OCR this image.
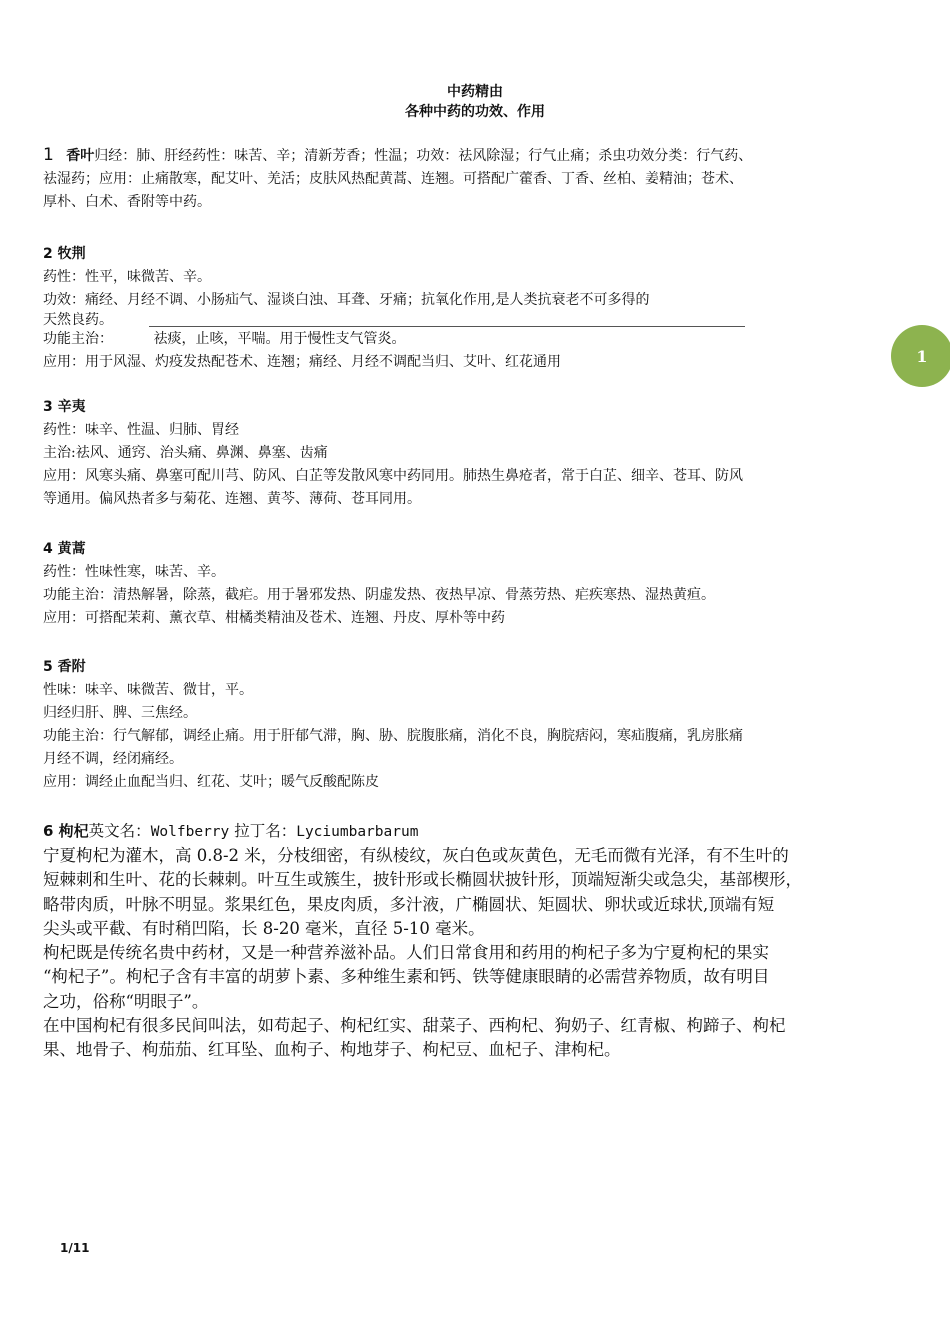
中药精由
各种中药的功效、作用
1 香叶归经：肺、肝经药性：味苦、辛；清新芳香；性温；功效：祛风除湿；行气止痛；杀虫功效分类：行气药、
祛湿药；应用：止痛散寒，配艾叶、羌活；皮肤风热配黄蒿、连翘。可搭配广藿香、丁香、丝柏、姜精油；苍术、
厚朴、白术、香附等中药。
2 牧荆
药性：性平，味微苦、辛。
功效：痛经、月经不调、小肠疝气、湿谈白浊、耳聋、牙痛；抗氧化作用,是人类抗衰老不可多得的
天然良药。
功能主治：	祛痰，止咳，平喘。用于慢性支气管炎。
应用：用于风湿、灼疫发热配苍术、连翘；痛经、月经不调配当归、艾叶、红花通用
3 辛夷
药性：味辛、性温、归肺、胃经
主治:祛风、通窍、治头痛、鼻渊、鼻塞、齿痛
应用：风寒头痛、鼻塞可配川芎、防风、白芷等发散风寒中药同用。肺热生鼻疮者，常于白芷、细辛、苍耳、防风
等通用。偏风热者多与菊花、连翘、黄芩、薄荷、苍耳同用。
4 黄蒿
药性：性味性寒，味苦、辛。
功能主治：清热解暑，除蒸，截疟。用于暑邪发热、阴虚发热、夜热早凉、骨蒸劳热、疟疾寒热、湿热黄疸。
应用：可搭配茉莉、薰衣草、柑橘类精油及苍术、连翘、丹皮、厚朴等中药
5 香附
性味：味辛、味微苦、微甘，平。
归经归肝、脾、三焦经。
功能主治：行气解郁，调经止痛。用于肝郁气滞，胸、胁、脘腹胀痛，消化不良，胸脘痞闷，寒疝腹痛，乳房胀痛
月经不调，经闭痛经。
应用：调经止血配当归、红花、艾叶；暖气反酸配陈皮
6 枸杞英文名：Wolfberry 拉丁名：Lyciumbarbarum
宁夏枸杞为灌木，高 0.8-2 米，分枝细密，有纵棱纹，灰白色或灰黄色，无毛而微有光泽，有不生叶的
短棘刺和生叶、花的长棘刺。叶互生或簇生，披针形或长椭圆状披针形，顶端短渐尖或急尖，基部楔形，
略带肉质，叶脉不明显。浆果红色，果皮肉质，多汁液，广椭圆状、矩圆状、卵状或近球状,顶端有短
尖头或平截、有时稍凹陷，长 8-20 毫米，直径 5-10 毫米。
枸杞既是传统名贵中药材，又是一种营养滋补品。人们日常食用和药用的枸杞子多为宁夏枸杞的果实
“枸杞子”。枸杞子含有丰富的胡萝卜素、多种维生素和钙、铁等健康眼睛的必需营养物质，故有明目
之功，俗称“明眼子”。
在中国枸杞有很多民间叫法，如苟起子、枸杞红实、甜菜子、西枸杞、狗奶子、红青椒、枸蹄子、枸杞
果、地骨子、枸茄茄、红耳坠、血枸子、枸地芽子、枸杞豆、血杞子、津枸杞。
1
1/11
